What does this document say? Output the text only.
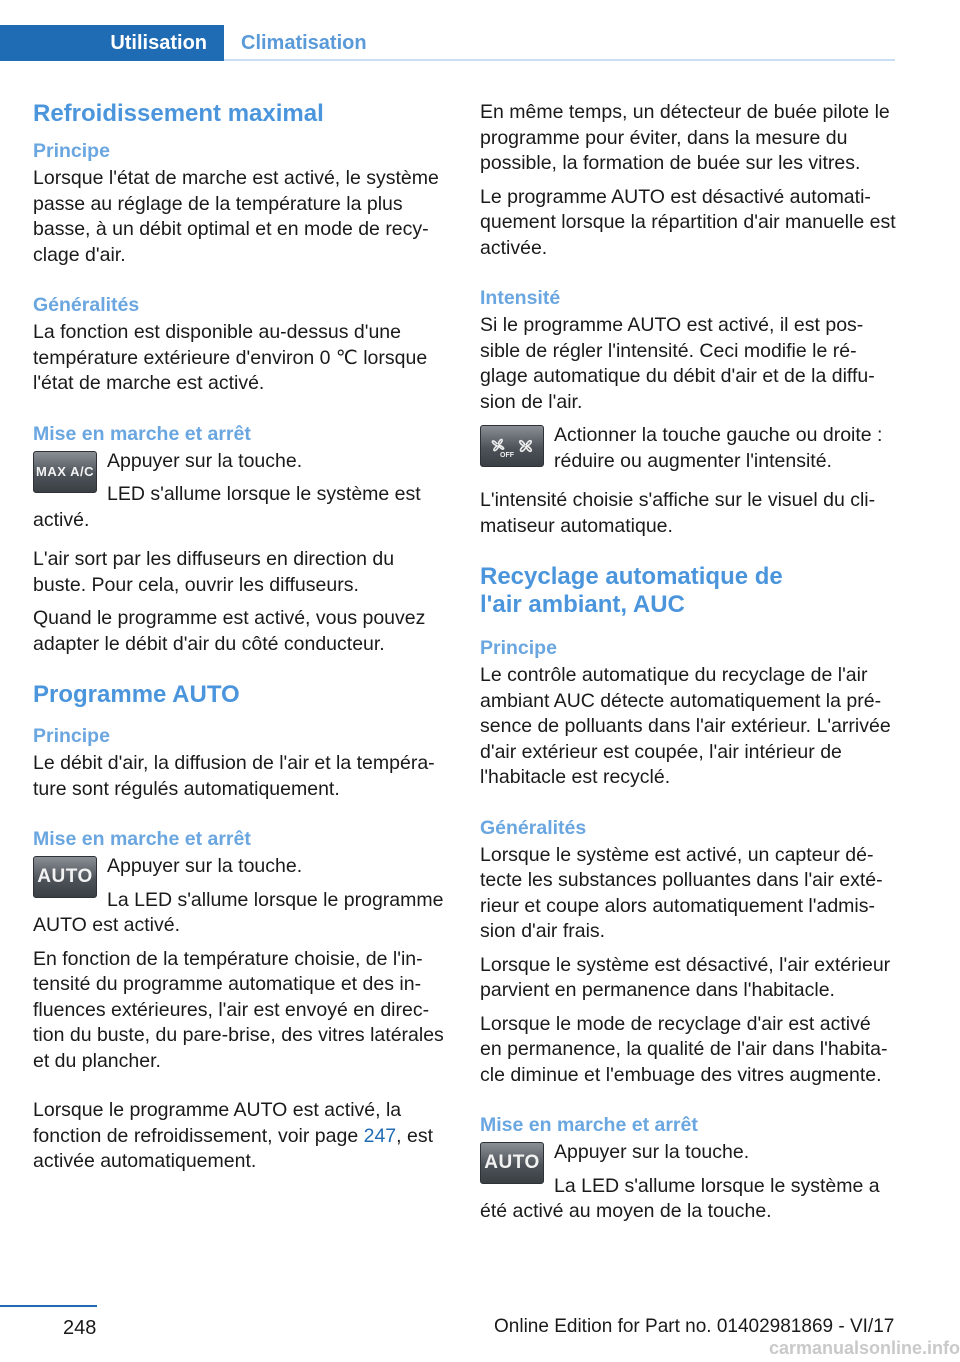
Utilisation	Climatisation
Refroidissement maximal
Principe

Lorsque l'état de marche est activé, le système passe au réglage de la température la plus basse, à un débit optimal et en mode de recyclage d'air.

Généralités

La fonction est disponible au-dessus d'une température extérieure d'environ 0 ℃ lorsque l'état de marche est activé.

Mise en marche et arrêt
MAX A/C Appuyer sur la touche.

LED s'allume lorsque le système est activé.

L'air sort par les diffuseurs en direction du buste. Pour cela, ouvrir les diffuseurs.

Quand le programme est activé, vous pouvez adapter le débit d'air du côté conducteur.

Programme AUTO
Principe

Le débit d'air, la diffusion de l'air et la température sont régulés automatiquement.

Mise en marche et arrêt
AUTO Appuyer sur la touche.

La LED s'allume lorsque le programme AUTO est activé.

En fonction de la température choisie, de l'intensité du programme automatique et des influences extérieures, l'air est envoyé en direction du buste, du pare-brise, des vitres latérales et du plancher.

Lorsque le programme AUTO est activé, la fonction de refroidissement, voir page 247, est activée automatiquement.

En même temps, un détecteur de buée pilote le programme pour éviter, dans la mesure du possible, la formation de buée sur les vitres.

Le programme AUTO est désactivé automatiquement lorsque la répartition d'air manuelle est activée.

Intensité

Si le programme AUTO est activé, il est possible de régler l'intensité. Ceci modifie le réglage automatique du débit d'air et de la diffusion de l'air.

OFF

Actionner la touche gauche ou droite : réduire ou augmenter l'intensité.

L'intensité choisie s'affiche sur le visuel du climatiseur automatique.

Recyclage automatique de l'air ambiant, AUC
Principe

Le contrôle automatique du recyclage de l'air ambiant AUC détecte automatiquement la présence de polluants dans l'air extérieur. L'arrivée d'air extérieur est coupée, l'air intérieur de l'habitacle est recyclé.

Généralités

Lorsque le système est activé, un capteur détecte les substances polluantes dans l'air extérieur et coupe alors automatiquement l'admission d'air frais.

Lorsque le système est désactivé, l'air extérieur parvient en permanence dans l'habitacle.

Lorsque le mode de recyclage d'air est activé en permanence, la qualité de l'air dans l'habitacle diminue et l'embuage des vitres augmente.

Mise en marche et arrêt
AUTO Appuyer sur la touche.

La LED s'allume lorsque le système a été activé au moyen de la touche.

248	Online Edition for Part no. 01402981869 - VI/17
carmanualsonline.info
